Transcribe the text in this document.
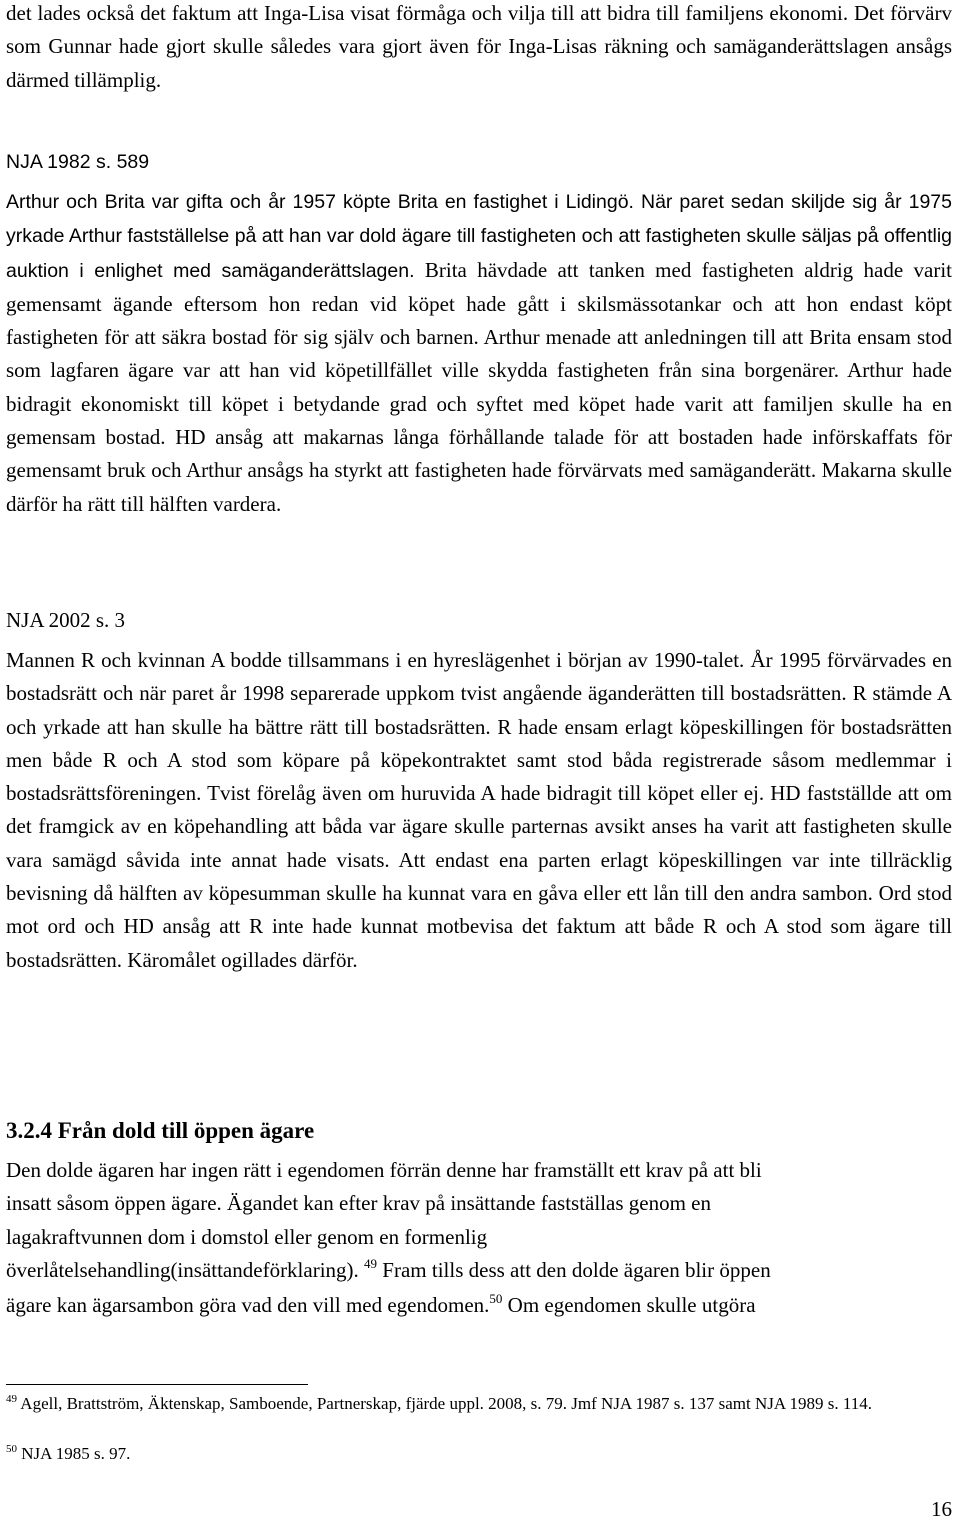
det lades också det faktum att Inga-Lisa visat förmåga och vilja till att bidra till familjens ekonomi. Det förvärv som Gunnar hade gjort skulle således vara gjort även för Inga-Lisas räkning och samäganderättslagen ansågs därmed tillämplig.

NJA 1982 s. 589

Arthur och Brita var gifta och år 1957 köpte Brita en fastighet i Lidingö. När paret sedan skiljde sig år 1975 yrkade Arthur fastställelse på att han var dold ägare till fastigheten och att fastigheten skulle säljas på offentlig auktion i enlighet med samäganderättslagen. Brita hävdade att tanken med fastigheten aldrig hade varit gemensamt ägande eftersom hon redan vid köpet hade gått i skilsmässotankar och att hon endast köpt fastigheten för att säkra bostad för sig själv och barnen. Arthur menade att anledningen till att Brita ensam stod som lagfaren ägare var att han vid köpetillfället ville skydda fastigheten från sina borgenärer. Arthur hade bidragit ekonomiskt till köpet i betydande grad och syftet med köpet hade varit att familjen skulle ha en gemensam bostad. HD ansåg att makarnas långa förhållande talade för att bostaden hade införskaffats för gemensamt bruk och Arthur ansågs ha styrkt att fastigheten hade förvärvats med samäganderätt. Makarna skulle därför ha rätt till hälften vardera.

NJA 2002 s. 3

Mannen R och kvinnan A bodde tillsammans i en hyreslägenhet i början av 1990-talet. År 1995 förvärvades en bostadsrätt och när paret år 1998 separerade uppkom tvist angående äganderätten till bostadsrätten. R stämde A och yrkade att han skulle ha bättre rätt till bostadsrätten. R hade ensam erlagt köpeskillingen för bostadsrätten men både R och A stod som köpare på köpekontraktet samt stod båda registrerade såsom medlemmar i bostadsrättsföreningen. Tvist förelåg även om huruvida A hade bidragit till köpet eller ej. HD fastställde att om det framgick av en köpehandling att båda var ägare skulle parternas avsikt anses ha varit att fastigheten skulle vara samägd såvida inte annat hade visats. Att endast ena parten erlagt köpeskillingen var inte tillräcklig bevisning då hälften av köpesumman skulle ha kunnat vara en gåva eller ett lån till den andra sambon. Ord stod mot ord och HD ansåg att R inte hade kunnat motbevisa det faktum att både R och A stod som ägare till bostadsrätten. Käromålet ogillades därför.

3.2.4 Från dold till öppen ägare
Den dolde ägaren har ingen rätt i egendomen förrän denne har framställt ett krav på att bli
insatt såsom öppen ägare. Ägandet kan efter krav på insättande fastställas genom en
lagakraftvunnen dom i domstol eller genom en formenlig
överlåtelsehandling(insättandeförklaring). $^{49}$ Fram tills dess att den dolde ägaren blir öppen
ägare kan ägarsambon göra vad den vill med egendomen.$^{50}$ Om egendomen skulle utgöra

$^{49}$ Agell, Brattström, Äktenskap, Samboende, Partnerskap, fjärde uppl. 2008, s. 79. Jmf NJA 1987 s. 137 samt NJA 1989 s. 114.

$^{50}$ NJA 1985 s. 97.

16
